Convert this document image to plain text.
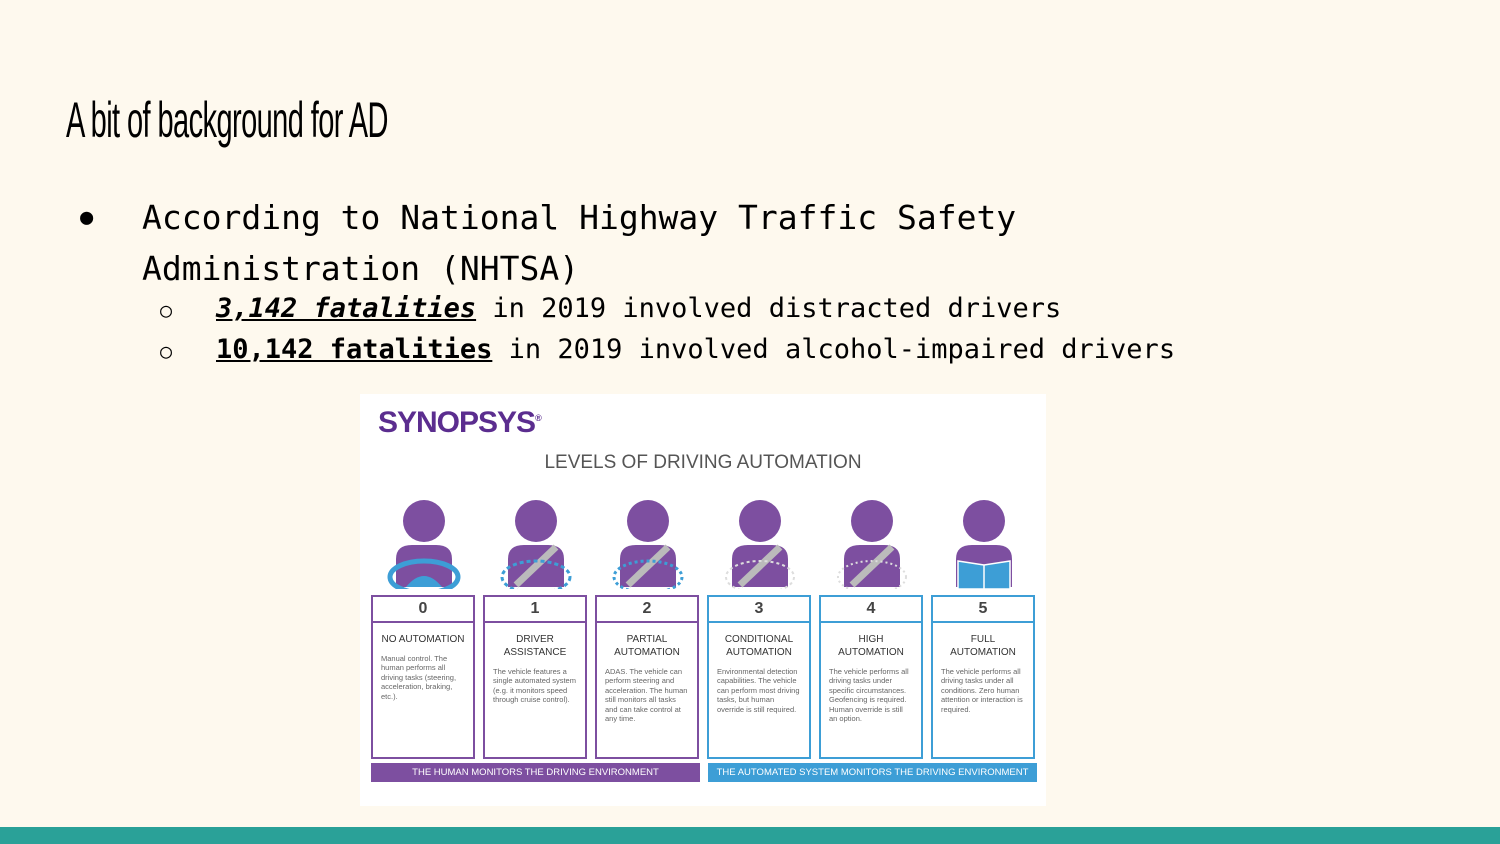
A bit of background for AD
● According to National Highway Traffic Safety Administration (NHTSA)
○ 3,142 fatalities in 2019 involved distracted drivers
○ 10,142 fatalities in 2019 involved alcohol-impaired drivers
SYNOPSYS®
LEVELS OF DRIVING AUTOMATION
0
NO AUTOMATION
Manual control. The human performs all driving tasks (steering, acceleration, braking, etc.).
1
DRIVER ASSISTANCE
The vehicle features a single automated system (e.g. it monitors speed through cruise control).
2
PARTIAL AUTOMATION
ADAS. The vehicle can perform steering and acceleration. The human still monitors all tasks and can take control at any time.
3
CONDITIONAL AUTOMATION
Environmental detection capabilities. The vehicle can perform most driving tasks, but human override is still required.
4
HIGH AUTOMATION
The vehicle performs all driving tasks under specific circumstances. Geofencing is required. Human override is still an option.
5
FULL AUTOMATION
The vehicle performs all driving tasks under all conditions. Zero human attention or interaction is required.
THE HUMAN MONITORS THE DRIVING ENVIRONMENT	THE AUTOMATED SYSTEM MONITORS THE DRIVING ENVIRONMENT
